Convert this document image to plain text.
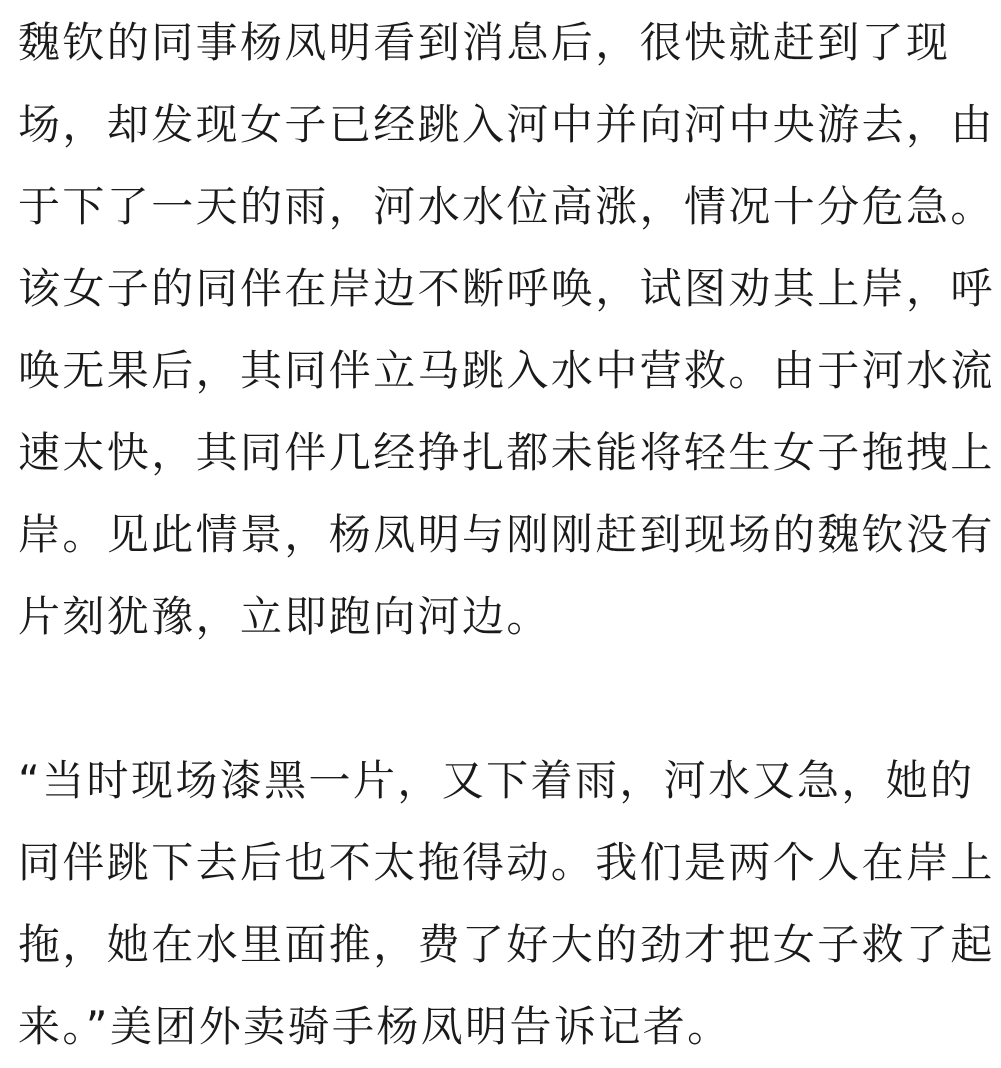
魏钦的同事杨凤明看到消息后，很快就赶到了现
场，却发现女子已经跳入河中并向河中央游去，由
于下了一天的雨，河水水位高涨，情况十分危急。
该女子的同伴在岸边不断呼唤，试图劝其上岸，呼
唤无果后，其同伴立马跳入水中营救。由于河水流
速太快，其同伴几经挣扎都未能将轻生女子拖拽上
岸。见此情景，杨凤明与刚刚赶到现场的魏钦没有
片刻犹豫，立即跑向河边。

“当时现场漆黑一片，又下着雨，河水又急，她的
同伴跳下去后也不太拖得动。我们是两个人在岸上
拖，她在水里面推，费了好大的劲才把女子救了起
来。”美团外卖骑手杨凤明告诉记者。
